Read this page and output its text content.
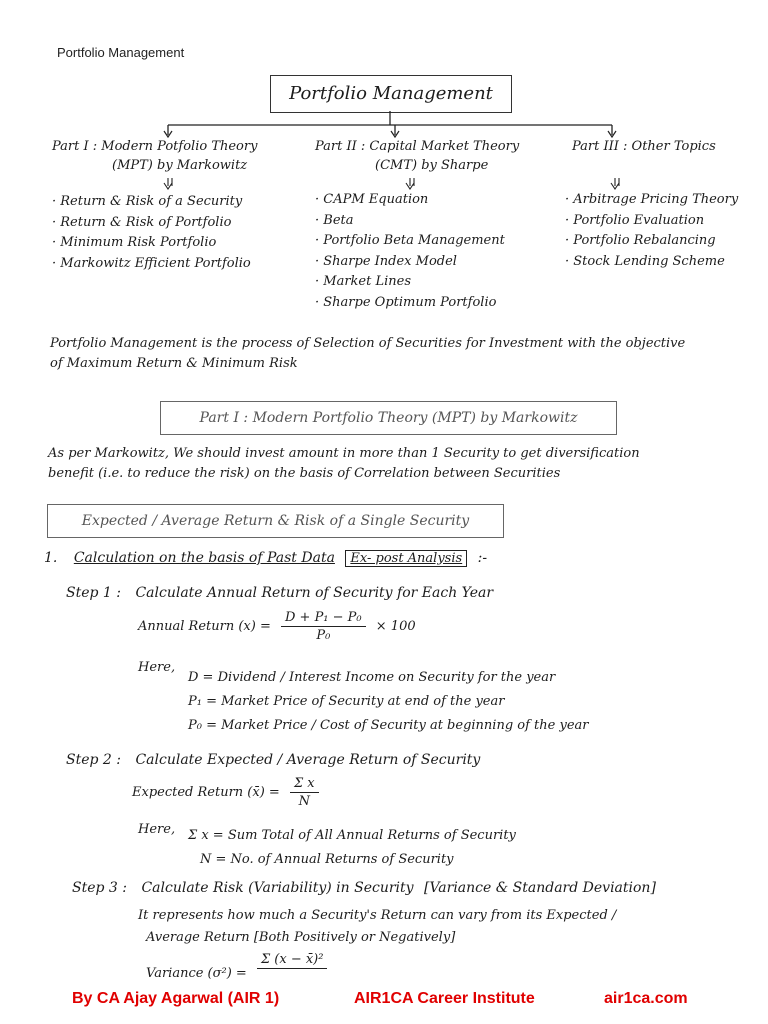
Portfolio Management
Portfolio Management
Part I : Modern Potfolio Theory
(MPT) by Markowitz
· Return & Risk of a Security
· Return & Risk of Portfolio
· Minimum Risk Portfolio
· Markowitz Efficient Portfolio
Part II : Capital Market Theory
(CMT) by Sharpe
· CAPM Equation
· Beta
· Portfolio Beta Management
· Sharpe Index Model
· Market Lines
· Sharpe Optimum Portfolio
Part III : Other Topics
· Arbitrage Pricing Theory
· Portfolio Evaluation
· Portfolio Rebalancing
· Stock Lending Scheme
Portfolio Management is the process of Selection of Securities for Investment with the objective
of Maximum Return & Minimum Risk
Part I : Modern Portfolio Theory (MPT) by Markowitz
As per Markowitz, We should invest amount in more than 1 Security to get diversification
benefit (i.e. to reduce the risk) on the basis of Correlation between Securities
Expected / Average Return & Risk of a Single Security
1. Calculation on the basis of Past Data Ex- post Analysis :-
Step 1 : Calculate Annual Return of Security for Each Year
Annual Return $(x) = \frac{\text{D + P₁ − P₀}}{\text{P₀}} \times 100$
Here,
D = Dividend / Interest Income on Security for the year
P₁ = Market Price of Security at end of the year
P₀ = Market Price / Cost of Security at beginning of the year
Step 2 : Calculate Expected / Average Return of Security
Expected Return (x̄) = $\frac{\text{Σ x}}{N}$
Here, Σ x = Sum Total of All Annual Returns of Security
N = No. of Annual Returns of Security
Step 3 : Calculate Risk (Variability) in Security [Variance & Standard Deviation]
It represents how much a Security's Return can vary from its Expected /
Average Return [Both Positively or Negatively]
Variance (σ²) =
Σ (x − x̄)²
By CA Ajay Agarwal (AIR 1)	AIR1CA Career Institute	air1ca.com
